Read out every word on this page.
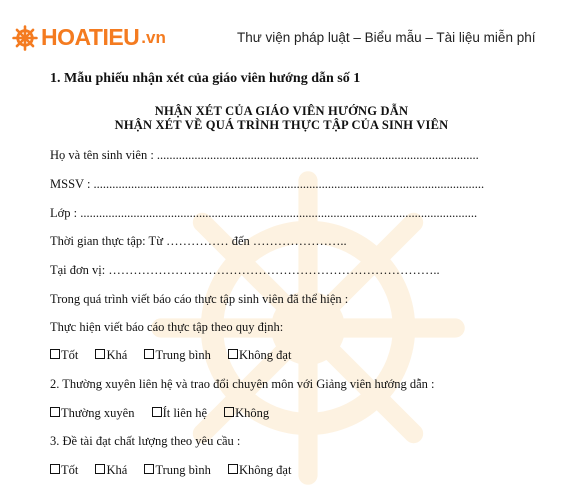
HOATIEU .vn	Thư viện pháp luật – Biểu mẫu – Tài liệu miễn phí
1. Mẫu phiếu nhận xét của giáo viên hướng dẫn số 1
NHẬN XÉT CỦA GIÁO VIÊN HƯỚNG DẪN
NHẬN XÉT VỀ QUÁ TRÌNH THỰC TẬP CỦA SINH VIÊN
Họ và tên sinh viên : .......................................................................................................
MSSV : .............................................................................................................................
Lớp : ...............................................................................................................................
Thời gian thực tập: Từ …………… đến …………………..
Tại đơn vị: ……………………………………………………………………..
Trong quá trình viết báo cáo thực tập sinh viên đã thể hiện :
Thực hiện viết báo cáo thực tập theo quy định:
Tốt Khá Trung bình Không đạt
2. Thường xuyên liên hệ và trao đổi chuyên môn với Giảng viên hướng dẫn :
Thường xuyên Ít liên hệ Không
3. Đề tài đạt chất lượng theo yêu cầu :
Tốt Khá Trung bình Không đạt
